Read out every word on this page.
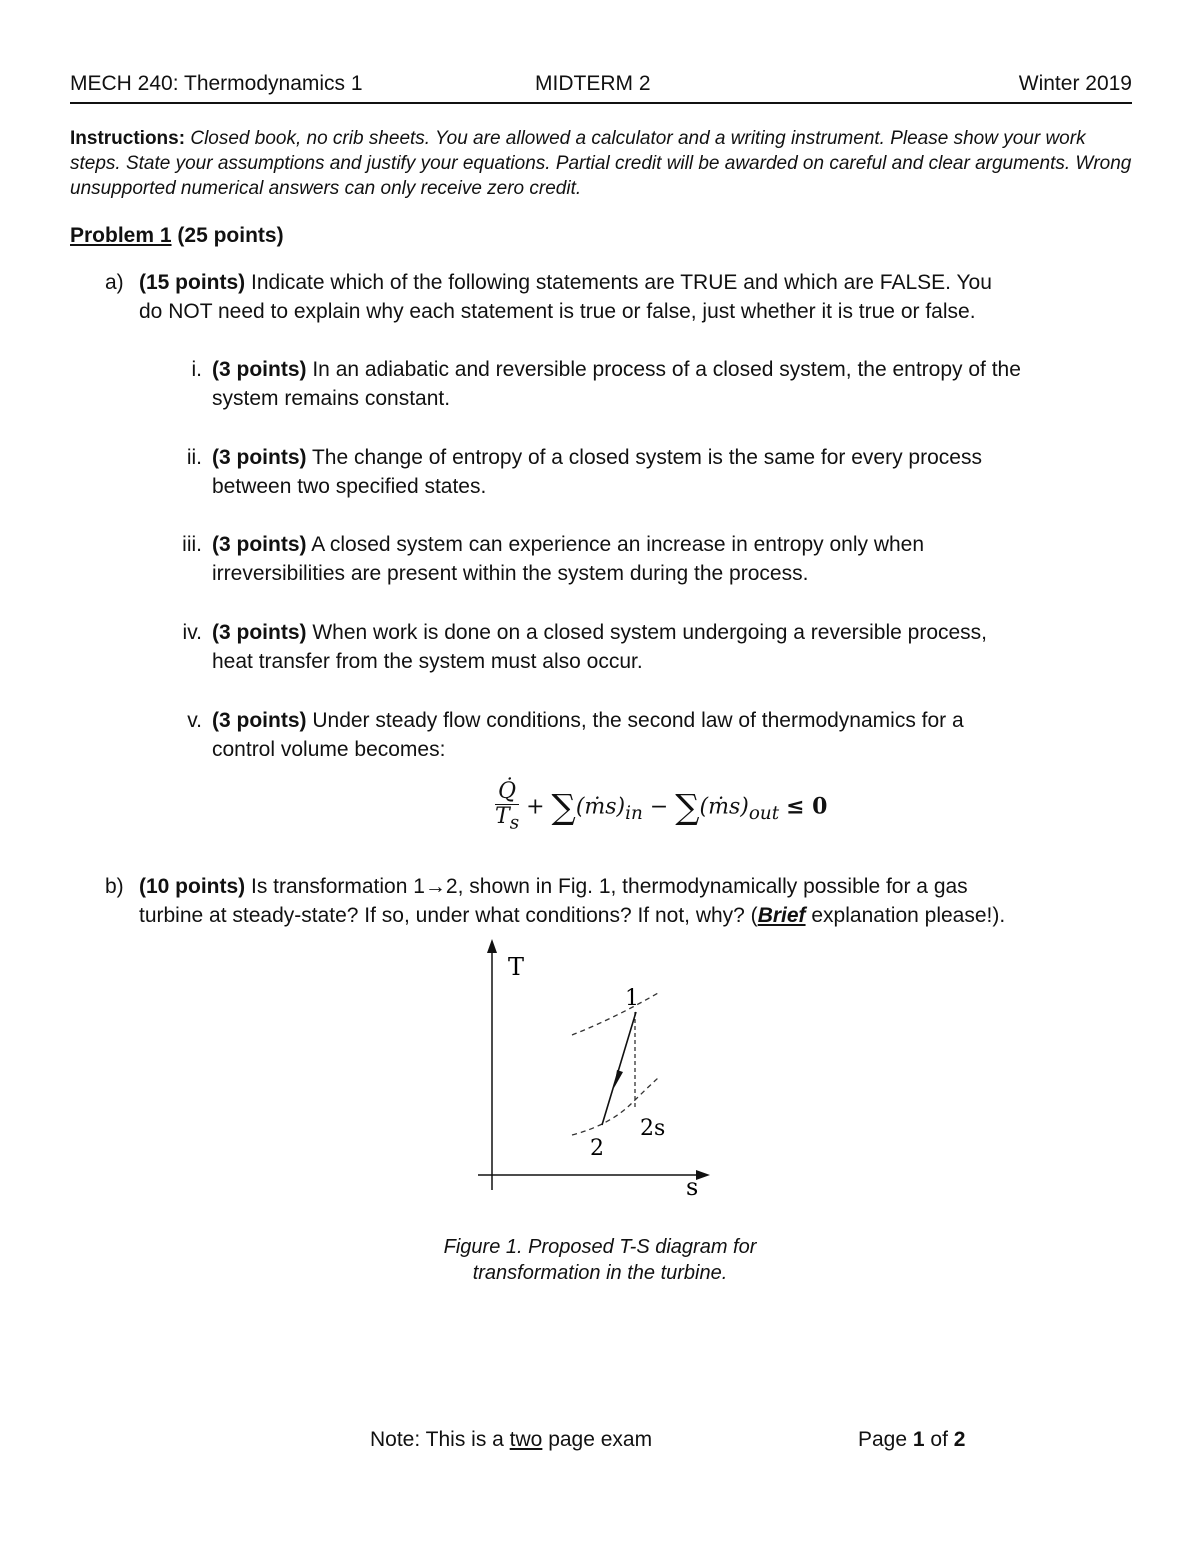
MECH 240: Thermodynamics 1	MIDTERM 2	Winter 2019
Instructions: Closed book, no crib sheets. You are allowed a calculator and a writing instrument. Please show your work steps. State your assumptions and justify your equations. Partial credit will be awarded on careful and clear arguments. Wrong unsupported numerical answers can only receive zero credit.
Problem 1 (25 points)
a) (15 points) Indicate which of the following statements are TRUE and which are FALSE. You
do NOT need to explain why each statement is true or false, just whether it is true or false.
i. (3 points) In an adiabatic and reversible process of a closed system, the entropy of the
system remains constant.
ii. (3 points) The change of entropy of a closed system is the same for every process
between two specified states.
iii. (3 points) A closed system can experience an increase in entropy only when
irreversibilities are present within the system during the process.
iv. (3 points) When work is done on a closed system undergoing a reversible process,
heat transfer from the system must also occur.
v. (3 points) Under steady flow conditions, the second law of thermodynamics for a
control volume becomes:
$\frac{Q̇}{T_s}$ + $\sum(ṁs)_{in}$ − $\sum(ṁs)_{out} \le 0$
b) (10 points) Is transformation 1→2, shown in Fig. 1, thermodynamically possible for a gas
turbine at steady-state? If so, under what conditions? If not, why? (Brief explanation please!).
T
s
1
2
2s
Figure 1. Proposed T-S diagram for
transformation in the turbine.
Note: This is a two page exam	Page 1 of 2
